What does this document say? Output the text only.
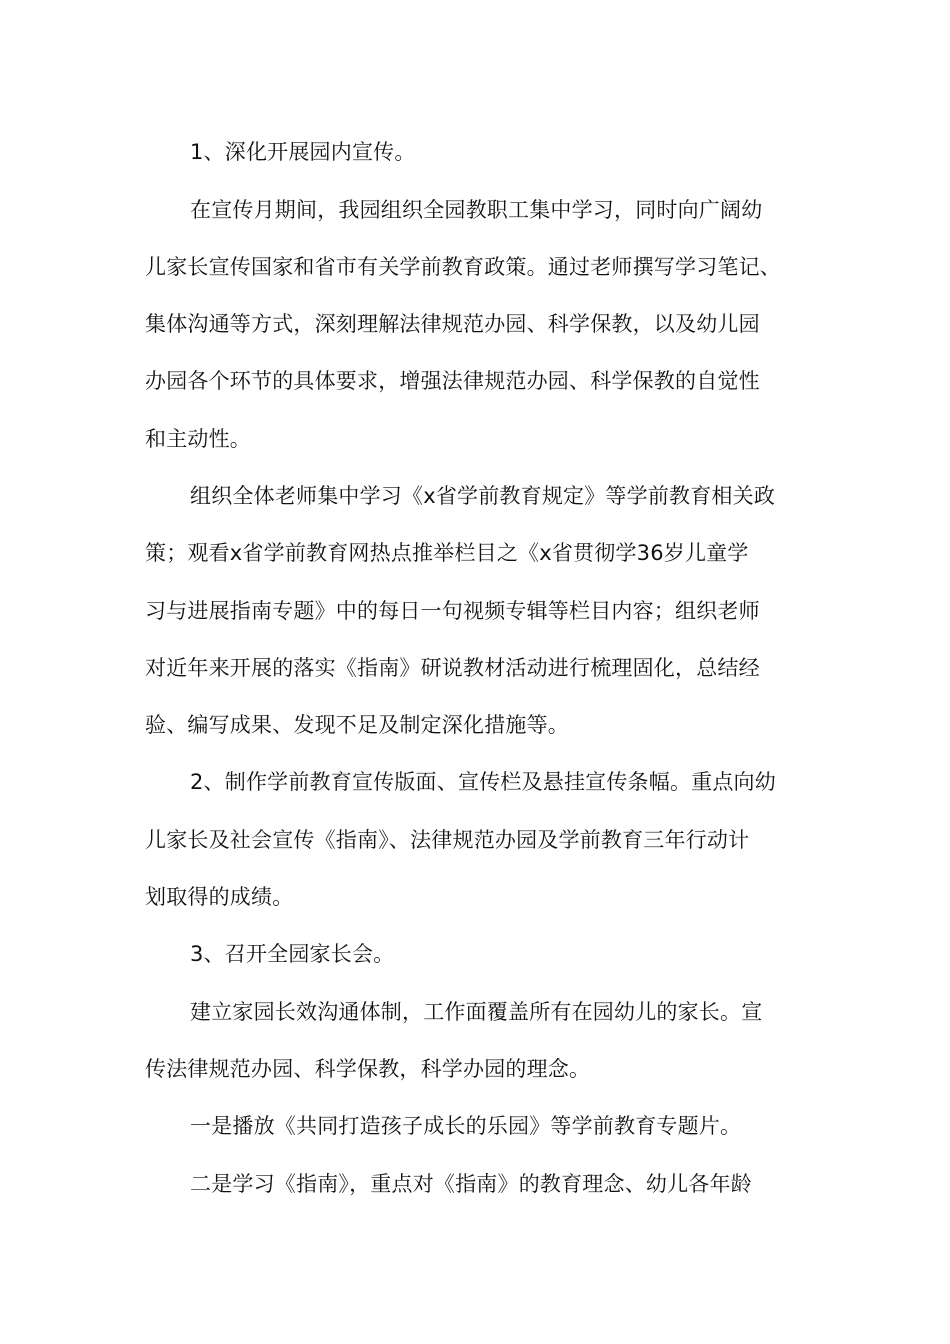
1、深化开展园内宣传。
在宣传月期间，我园组织全园教职工集中学习，同时向广阔幼
儿家长宣传国家和省市有关学前教育政策。通过老师撰写学习笔记、
集体沟通等方式，深刻理解法律规范办园、科学保教，以及幼儿园
办园各个环节的具体要求，增强法律规范办园、科学保教的自觉性
和主动性。
组织全体老师集中学习《x省学前教育规定》等学前教育相关政
策；观看x省学前教育网热点推举栏目之《x省贯彻学36岁儿童学
习与进展指南专题》中的每日一句视频专辑等栏目内容；组织老师
对近年来开展的落实《指南》研说教材活动进行梳理固化，总结经
验、编写成果、发现不足及制定深化措施等。
2、制作学前教育宣传版面、宣传栏及悬挂宣传条幅。重点向幼
儿家长及社会宣传《指南》、法律规范办园及学前教育三年行动计
划取得的成绩。
3、召开全园家长会。
建立家园长效沟通体制，工作面覆盖所有在园幼儿的家长。宣
传法律规范办园、科学保教，科学办园的理念。
一是播放《共同打造孩子成长的乐园》等学前教育专题片。
二是学习《指南》，重点对《指南》的教育理念、幼儿各年龄
